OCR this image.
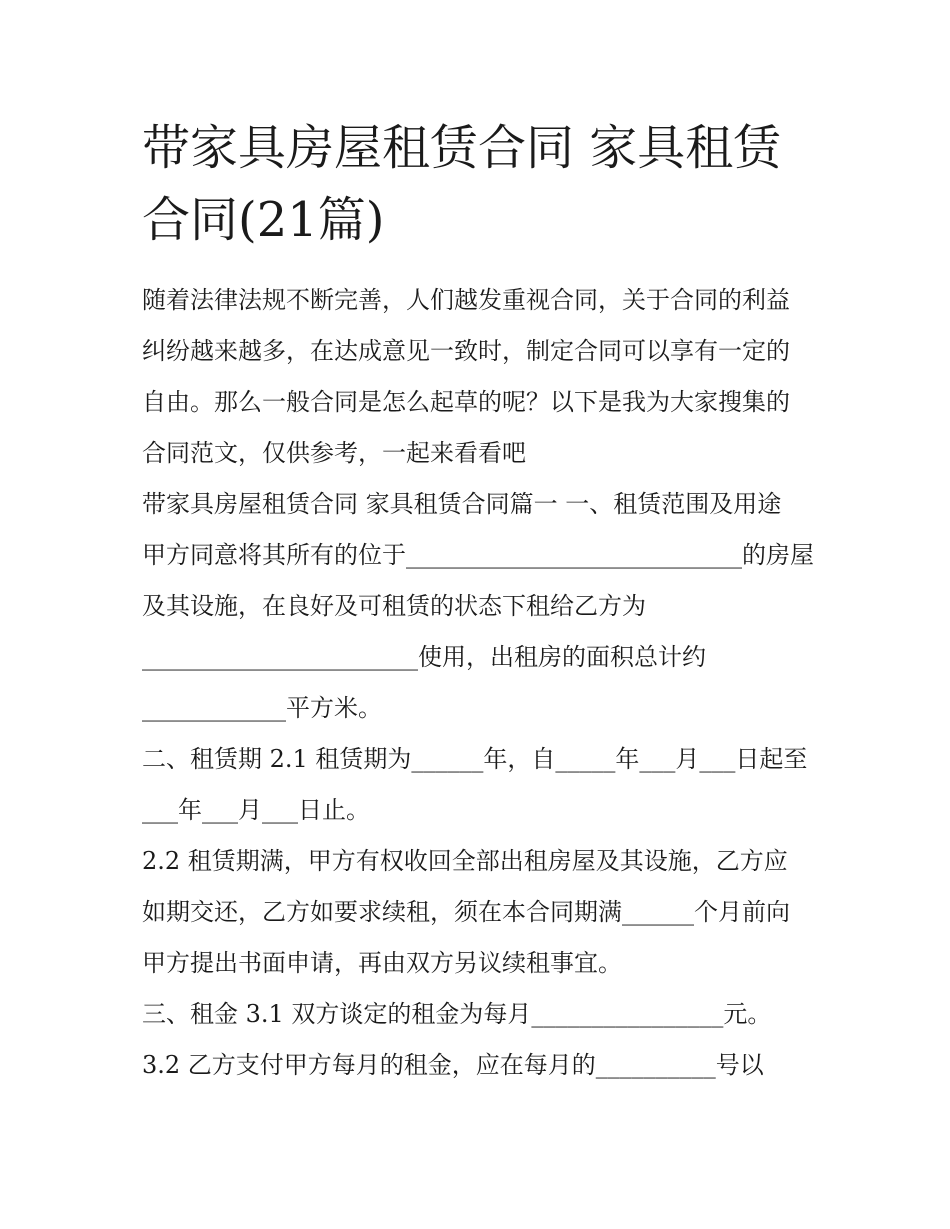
带家具房屋租赁合同 家具租赁
合同(21篇)
随着法律法规不断完善，人们越发重视合同，关于合同的利益
纠纷越来越多，在达成意见一致时，制定合同可以享有一定的
自由。那么一般合同是怎么起草的呢？以下是我为大家搜集的
合同范文，仅供参考，一起来看看吧
带家具房屋租赁合同 家具租赁合同篇一 一、租赁范围及用途
甲方同意将其所有的位于____________________________的房屋
及其设施，在良好及可租赁的状态下租给乙方为
_______________________使用，出租房的面积总计约
____________平方米。
二、租赁期 2.1 租赁期为______年，自_____年___月___日起至
___年___月___日止。
2.2 租赁期满，甲方有权收回全部出租房屋及其设施，乙方应
如期交还，乙方如要求续租，须在本合同期满______个月前向
甲方提出书面申请，再由双方另议续租事宜。
三、租金 3.1 双方谈定的租金为每月________________元。
3.2 乙方支付甲方每月的租金，应在每月的__________号以
